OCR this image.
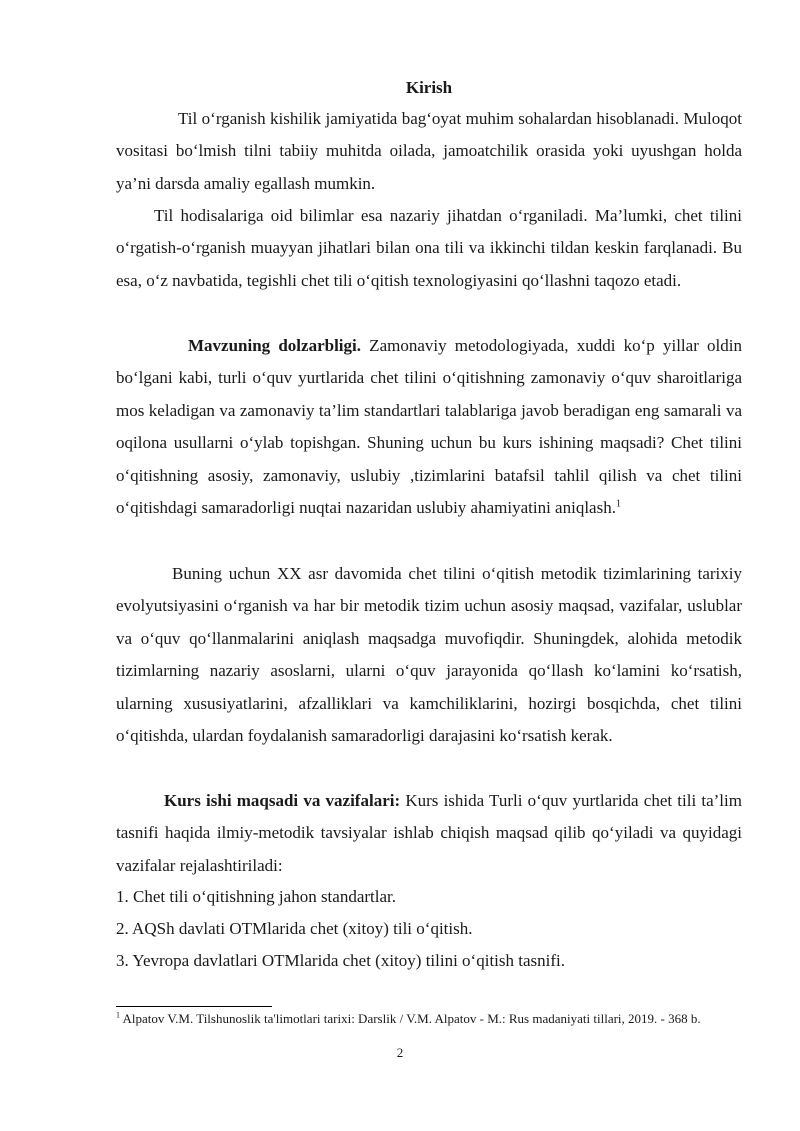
Kirish

Til o‘rganish kishilik jamiyatida bag‘oyat muhim sohalardan hisoblanadi. Muloqot vositasi bo‘lmish tilni tabiiy muhitda oilada, jamoatchilik orasida yoki uyushgan holda ya’ni darsda amaliy egallash mumkin.

Til hodisalariga oid bilimlar esa nazariy jihatdan o‘rganiladi. Ma’lumki, chet tilini o‘rgatish-o‘rganish muayyan jihatlari bilan ona tili va ikkinchi tildan keskin farqlanadi. Bu esa, o‘z navbatida, tegishli chet tili o‘qitish texnologiyasini qo‘llashni taqozo etadi.

Mavzuning dolzarbligi. Zamonaviy metodologiyada, xuddi ko‘p yillar oldin bo‘lgani kabi, turli o‘quv yurtlarida chet tilini o‘qitishning zamonaviy o‘quv sharoitlariga mos keladigan va zamonaviy ta’lim standartlari talablariga javob beradigan eng samarali va oqilona usullarni o‘ylab topishgan. Shuning uchun bu kurs ishining maqsadi? Chet tilini o‘qitishning asosiy, zamonaviy, uslubiy ,tizimlarini batafsil tahlil qilish va chet tilini o‘qitishdagi samaradorligi nuqtai nazaridan uslubiy ahamiyatini aniqlash.$^1$

Buning uchun XX asr davomida chet tilini o‘qitish metodik tizimlarining tarixiy evolyutsiyasini o‘rganish va har bir metodik tizim uchun asosiy maqsad, vazifalar, uslublar va o‘quv qo‘llanmalarini aniqlash maqsadga muvofiqdir. Shuningdek, alohida metodik tizimlarning nazariy asoslarni, ularni o‘quv jarayonida qo‘llash ko‘lamini ko‘rsatish, ularning xususiyatlarini, afzalliklari va kamchiliklarini, hozirgi bosqichda, chet tilini o‘qitishda, ulardan foydalanish samaradorligi darajasini ko‘rsatish kerak.

Kurs ishi maqsadi va vazifalari: Kurs ishida Turli o‘quv yurtlarida chet tili ta’lim tasnifi haqida ilmiy-metodik tavsiyalar ishlab chiqish maqsad qilib qo‘yiladi va quyidagi vazifalar rejalashtiriladi:

1. Chet tili o‘qitishning jahon standartlar.
2. AQSh davlati OTMlarida chet (xitoy) tili o‘qitish.
3. Yevropa davlatlari OTMlarida chet (xitoy) tilini o‘qitish tasnifi.
$^1$ Alpatov V.M. Tilshunoslik ta'limotlari tarixi: Darslik / V.M. Alpatov - M.: Rus madaniyati tillari, 2019. - 368 b.
2
